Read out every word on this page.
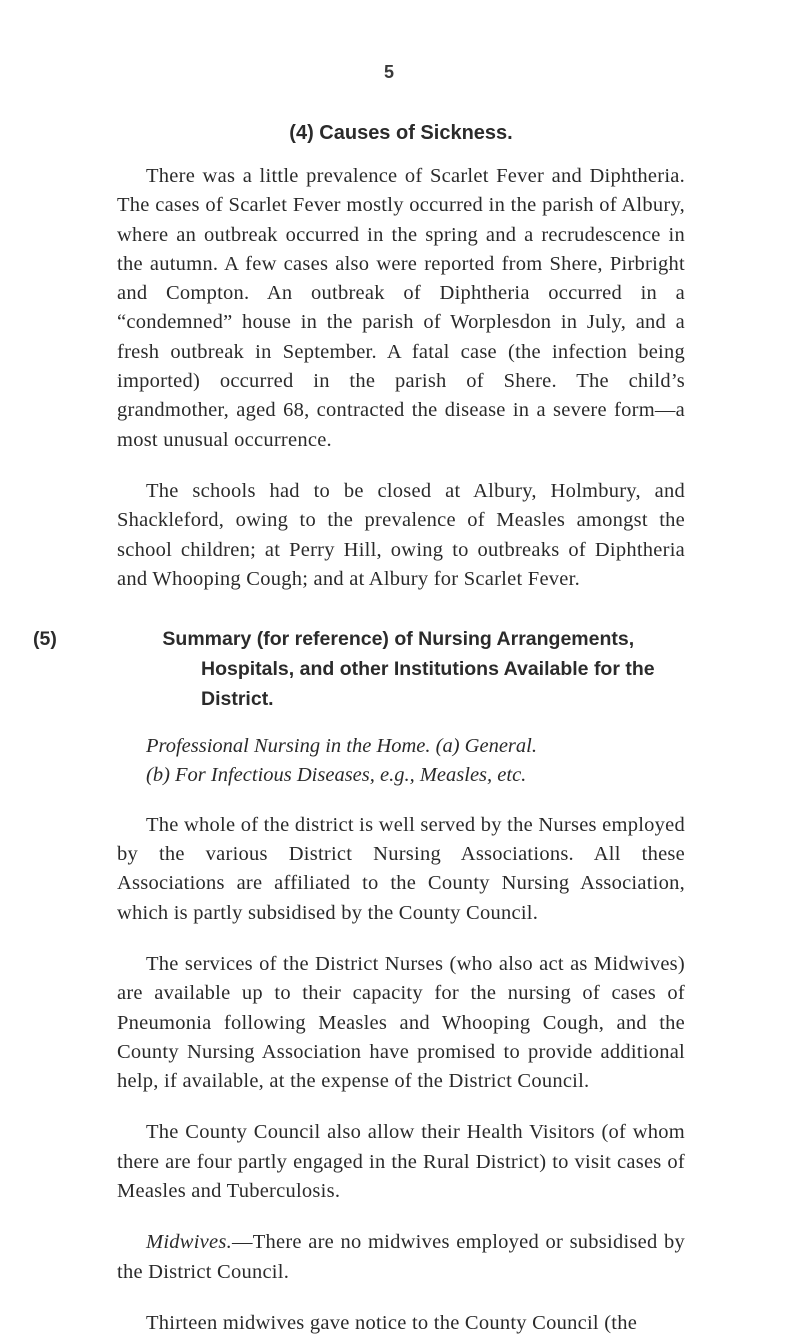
5
(4) Causes of Sickness.

There was a little prevalence of Scarlet Fever and Diphtheria. The cases of Scarlet Fever mostly occurred in the parish of Albury, where an outbreak occurred in the spring and a recrudescence in the autumn. A few cases also were reported from Shere, Pirbright and Compton. An outbreak of Diphtheria occurred in a “condemned” house in the parish of Worplesdon in July, and a fresh outbreak in September. A fatal case (the infection being imported) occurred in the parish of Shere. The child’s grandmother, aged 68, contracted the disease in a severe form—a most unusual occurrence.

The schools had to be closed at Albury, Holmbury, and Shackleford, owing to the prevalence of Measles amongst the school children; at Perry Hill, owing to outbreaks of Diphtheria and Whooping Cough; and at Albury for Scarlet Fever.

(5)	Summary (for reference) of Nursing Arrangements, Hospitals, and other Institutions Available for the District.
Professional Nursing in the Home. (a) General.
(b) For Infectious Diseases, e.g., Measles, etc.

The whole of the district is well served by the Nurses employed by the various District Nursing Associations. All these Associations are affiliated to the County Nursing Association, which is partly subsidised by the County Council.

The services of the District Nurses (who also act as Midwives) are available up to their capacity for the nursing of cases of Pneumonia following Measles and Whooping Cough, and the County Nursing Association have promised to provide additional help, if available, at the expense of the District Council.

The County Council also allow their Health Visitors (of whom there are four partly engaged in the Rural District) to visit cases of Measles and Tuberculosis.

Midwives.—There are no midwives employed or subsidised by the District Council.

Thirteen midwives gave notice to the County Council (the
